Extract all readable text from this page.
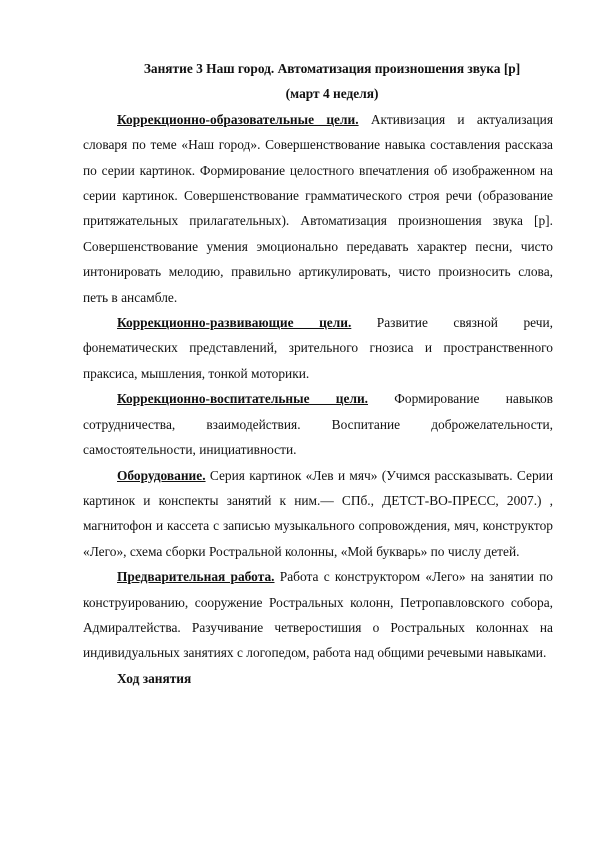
Занятие 3 Наш город. Автоматизация произношения звука [р]

(март 4 неделя)

Коррекционно-образовательные цели. Активизация и актуализация словаря по теме «Наш город». Совершенствование навыка составления рассказа по серии картинок. Формирование целостного впечатления об изображенном на серии картинок. Совершенствование грамматического строя речи (образование притяжательных прилагательных). Автоматизация произношения звука [р]. Совершенствование умения эмоционально передавать характер песни, чисто интонировать мелодию, правильно артикулировать, чисто произносить слова, петь в ансамбле.

Коррекционно-развивающие цели. Развитие связной речи, фонематических представлений, зрительного гнозиса и пространственного праксиса, мышления, тонкой моторики.

Коррекционно-воспитательные цели. Формирование навыков сотрудничества, взаимодействия. Воспитание доброжелательности, самостоятельности, инициативности.

Оборудование. Серия картинок «Лев и мяч» (Учимся рассказывать. Серии картинок и конспекты занятий к ним.— СПб., ДЕТСТ-ВО-ПРЕСС, 2007.) , магнитофон и кассета с записью музыкального сопровождения, мяч, конструктор «Лего», схема сборки Ростральной колонны, «Мой букварь» по числу детей.

Предварительная работа. Работа с конструктором «Лего» на занятии по конструированию, сооружение Ростральных колонн, Петропавловского собора, Адмиралтейства. Разучивание четверостишия о Ростральных колоннах на индивидуальных занятиях с логопедом, работа над общими речевыми навыками.

Ход занятия
